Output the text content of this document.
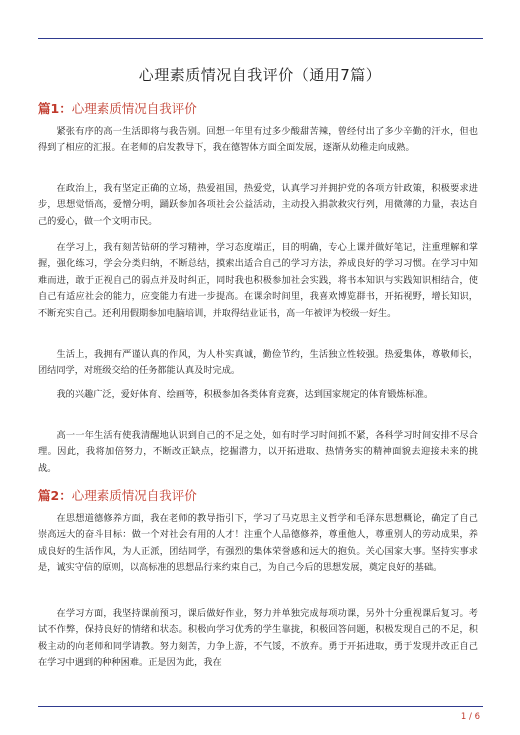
心理素质情况自我评价（通用7篇）
篇1：心理素质情况自我评价

紧张有序的高一生活即将与我告别。回想一年里有过多少酸甜苦辣，曾经付出了多少辛勤的汗水，但也得到了相应的汇报。在老师的启发教导下，我在德智体方面全面发展，逐渐从幼稚走向成熟。

在政治上，我有坚定正确的立场，热爱祖国，热爱党，认真学习并拥护党的各项方针政策，积极要求进步，思想觉悟高，爱憎分明，踊跃参加各项社会公益活动，主动投入捐款救灾行列，用微薄的力量，表达自己的爱心，做一个文明市民。

在学习上，我有刻苦钻研的学习精神，学习态度端正，目的明确，专心上课并做好笔记，注重理解和掌握，强化练习，学会分类归纳，不断总结，摸索出适合自己的学习方法，养成良好的学习习惯。在学习中知难而进，敢于正视自己的弱点并及时纠正，同时我也积极参加社会实践，将书本知识与实践知识相结合，使自己有适应社会的能力，应变能力有进一步提高。在课余时间里，我喜欢博览群书，开拓视野，增长知识，不断充实自己。还利用假期参加电脑培训，并取得结业证书，高一年被评为校级一好生。

生活上，我拥有严谨认真的作风，为人朴实真诚，勤俭节约，生活独立性较强。热爱集体，尊敬师长，团结同学，对班级交给的任务都能认真及时完成。

我的兴趣广泛，爱好体育、绘画等，积极参加各类体育竞赛，达到国家规定的体育锻炼标准。

高一一年生活有使我清醒地认识到自己的不足之处，如有时学习时间抓不紧，各科学习时间安排不尽合理。因此，我将加倍努力，不断改正缺点，挖掘潜力，以开拓进取、热情务实的精神面貌去迎接未来的挑战。

篇2：心理素质情况自我评价

在思想道德修养方面，我在老师的教导指引下，学习了马克思主义哲学和毛泽东思想概论，确定了自己崇高远大的奋斗目标：做一个对社会有用的人才！注重个人品德修养，尊重他人，尊重别人的劳动成果，养成良好的生活作风，为人正派，团结同学，有强烈的集体荣誉感和远大的抱负。关心国家大事。坚持实事求是，诚实守信的原则，以高标准的思想品行来约束自己，为自己今后的思想发展，奠定良好的基础。

在学习方面，我坚持课前预习，课后做好作业，努力并单独完成每项功课，另外十分重视课后复习。考试不作弊，保持良好的情绪和状态。积极向学习优秀的学生靠拢，积极回答问题，积极发现自己的不足，积极主动的向老师和同学请教。努力刻苦，力争上游，不气馁，不放弃。勇于开拓进取，勇于发现并改正自己在学习中遇到的种种困难。正是因为此，我在

1 / 6
